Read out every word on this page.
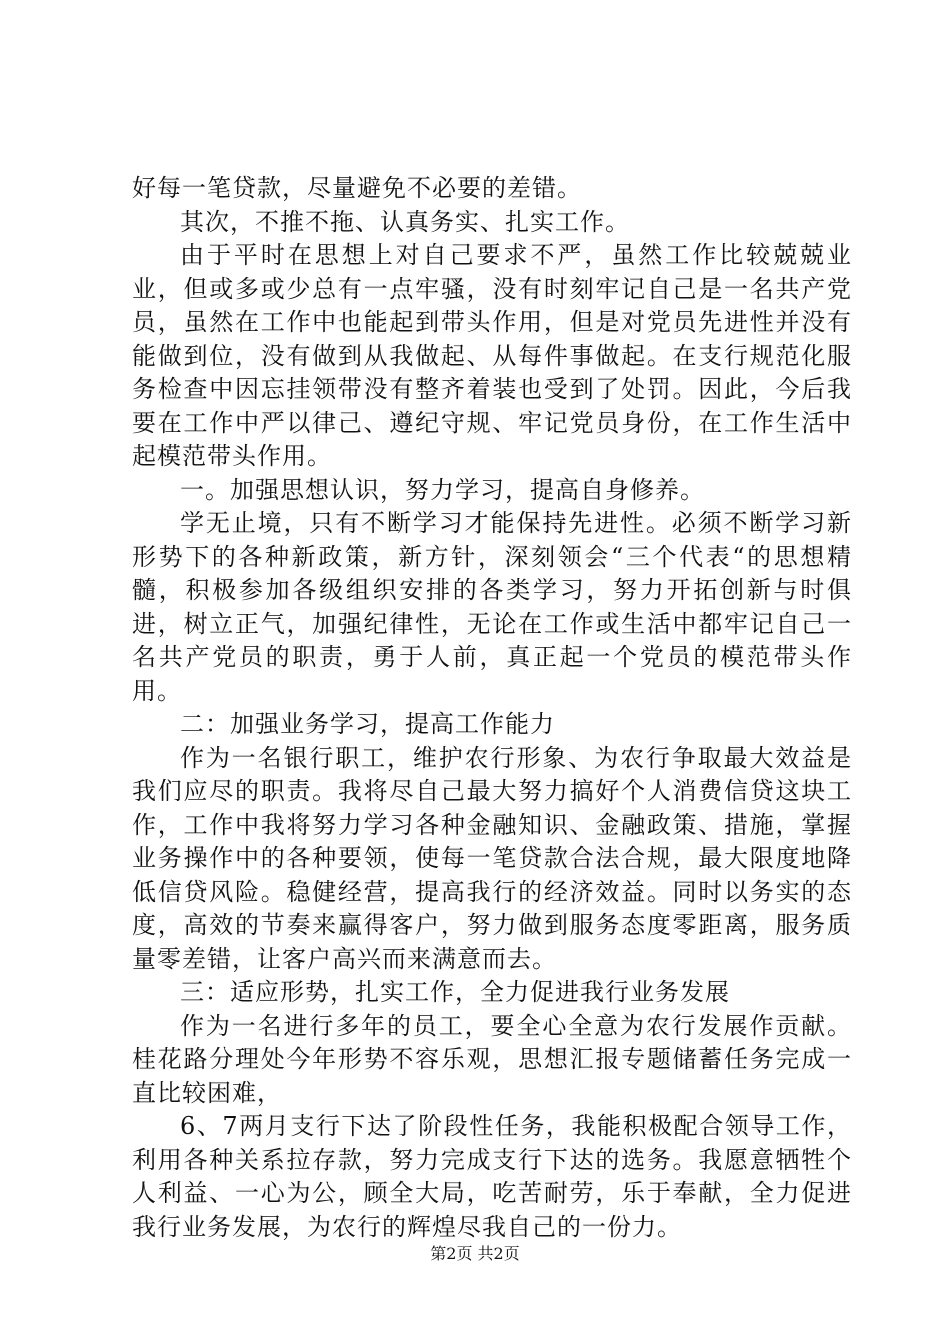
好每一笔贷款，尽量避免不必要的差错。

其次，不推不拖、认真务实、扎实工作。

由于平时在思想上对自己要求不严，虽然工作比较兢兢业业，但或多或少总有一点牢骚，没有时刻牢记自己是一名共产党员，虽然在工作中也能起到带头作用，但是对党员先进性并没有能做到位，没有做到从我做起、从每件事做起。在支行规范化服务检查中因忘挂领带没有整齐着装也受到了处罚。因此，今后我要在工作中严以律己、遵纪守规、牢记党员身份，在工作生活中起模范带头作用。

一。加强思想认识，努力学习，提高自身修养。

学无止境，只有不断学习才能保持先进性。必须不断学习新形势下的各种新政策，新方针，深刻领会“三个代表“的思想精髓，积极参加各级组织安排的各类学习，努力开拓创新与时俱进，树立正气，加强纪律性，无论在工作或生活中都牢记自己一名共产党员的职责，勇于人前，真正起一个党员的模范带头作用。

二：加强业务学习，提高工作能力

作为一名银行职工，维护农行形象、为农行争取最大效益是我们应尽的职责。我将尽自己最大努力搞好个人消费信贷这块工作，工作中我将努力学习各种金融知识、金融政策、措施，掌握业务操作中的各种要领，使每一笔贷款合法合规，最大限度地降低信贷风险。稳健经营，提高我行的经济效益。同时以务实的态度，高效的节奏来赢得客户，努力做到服务态度零距离，服务质量零差错，让客户高兴而来满意而去。

三：适应形势，扎实工作，全力促进我行业务发展

作为一名进行多年的员工，要全心全意为农行发展作贡献。桂花路分理处今年形势不容乐观，思想汇报专题储蓄任务完成一直比较困难，

6、7两月支行下达了阶段性任务，我能积极配合领导工作，利用各种关系拉存款，努力完成支行下达的选务。我愿意牺牲个人利益、一心为公，顾全大局，吃苦耐劳，乐于奉献，全力促进我行业务发展，为农行的辉煌尽我自己的一份力。

第2页 共2页
